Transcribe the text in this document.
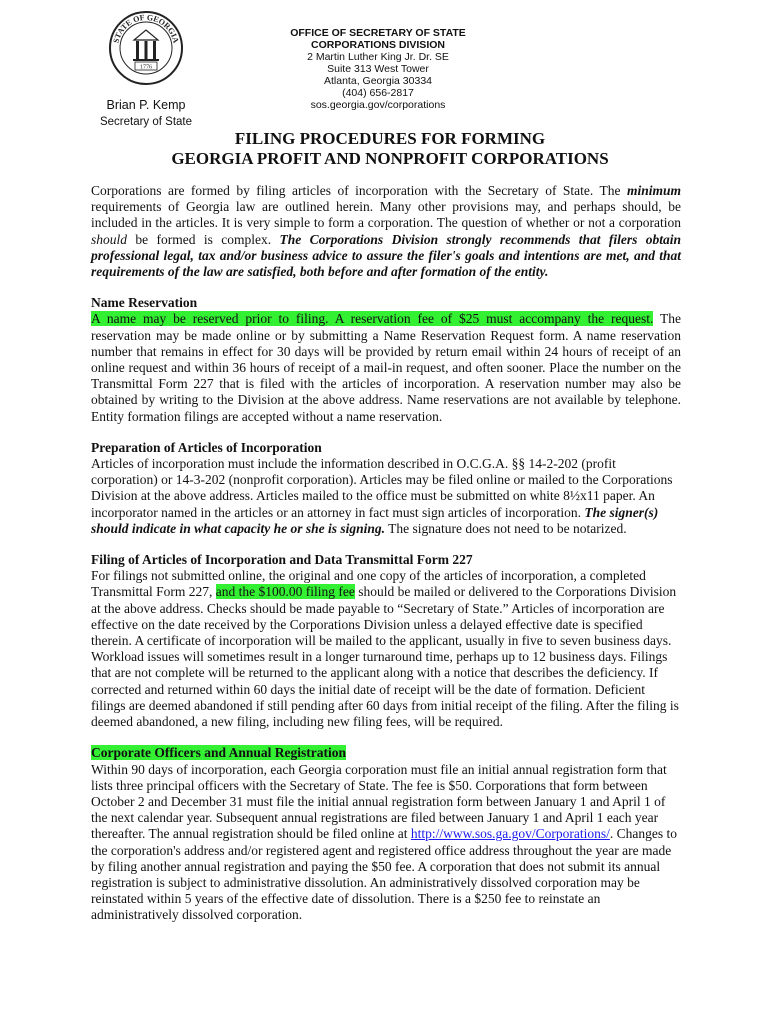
STATE OF GEORGIA
1776
Brian P. Kemp
Secretary of State
OFFICE OF SECRETARY OF STATE
CORPORATIONS DIVISION
2 Martin Luther King Jr. Dr. SE
Suite 313 West Tower
Atlanta, Georgia 30334
(404) 656-2817
sos.georgia.gov/corporations
FILING PROCEDURES FOR FORMING
GEORGIA PROFIT AND NONPROFIT CORPORATIONS

Corporations are formed by filing articles of incorporation with the Secretary of State. The minimum requirements of Georgia law are outlined herein. Many other provisions may, and perhaps should, be included in the articles. It is very simple to form a corporation. The question of whether or not a corporation should be formed is complex. The Corporations Division strongly recommends that filers obtain professional legal, tax and/or business advice to assure the filer's goals and intentions are met, and that requirements of the law are satisfied, both before and after formation of the entity.

Name Reservation

A name may be reserved prior to filing. A reservation fee of $25 must accompany the request. The reservation may be made online or by submitting a Name Reservation Request form. A name reservation number that remains in effect for 30 days will be provided by return email within 24 hours of receipt of an online request and within 36 hours of receipt of a mail-in request, and often sooner. Place the number on the Transmittal Form 227 that is filed with the articles of incorporation. A reservation number may also be obtained by writing to the Division at the above address. Name reservations are not available by telephone. Entity formation filings are accepted without a name reservation.

Preparation of Articles of Incorporation

Articles of incorporation must include the information described in O.C.G.A. §§ 14-2-202 (profit corporation) or 14-3-202 (nonprofit corporation). Articles may be filed online or mailed to the Corporations Division at the above address. Articles mailed to the office must be submitted on white 8½x11 paper. An incorporator named in the articles or an attorney in fact must sign articles of incorporation. The signer(s) should indicate in what capacity he or she is signing. The signature does not need to be notarized.

Filing of Articles of Incorporation and Data Transmittal Form 227

For filings not submitted online, the original and one copy of the articles of incorporation, a completed Transmittal Form 227, and the $100.00 filing fee should be mailed or delivered to the Corporations Division at the above address. Checks should be made payable to “Secretary of State.” Articles of incorporation are effective on the date received by the Corporations Division unless a delayed effective date is specified therein. A certificate of incorporation will be mailed to the applicant, usually in five to seven business days. Workload issues will sometimes result in a longer turnaround time, perhaps up to 12 business days. Filings that are not complete will be returned to the applicant along with a notice that describes the deficiency. If corrected and returned within 60 days the initial date of receipt will be the date of formation. Deficient filings are deemed abandoned if still pending after 60 days from initial receipt of the filing. After the filing is deemed abandoned, a new filing, including new filing fees, will be required.

Corporate Officers and Annual Registration

Within 90 days of incorporation, each Georgia corporation must file an initial annual registration form that lists three principal officers with the Secretary of State. The fee is $50. Corporations that form between October 2 and December 31 must file the initial annual registration form between January 1 and April 1 of the next calendar year. Subsequent annual registrations are filed between January 1 and April 1 each year thereafter. The annual registration should be filed online at http://www.sos.ga.gov/Corporations/. Changes to the corporation's address and/or registered agent and registered office address throughout the year are made by filing another annual registration and paying the $50 fee. A corporation that does not submit its annual registration is subject to administrative dissolution. An administratively dissolved corporation may be reinstated within 5 years of the effective date of dissolution. There is a $250 fee to reinstate an administratively dissolved corporation.
